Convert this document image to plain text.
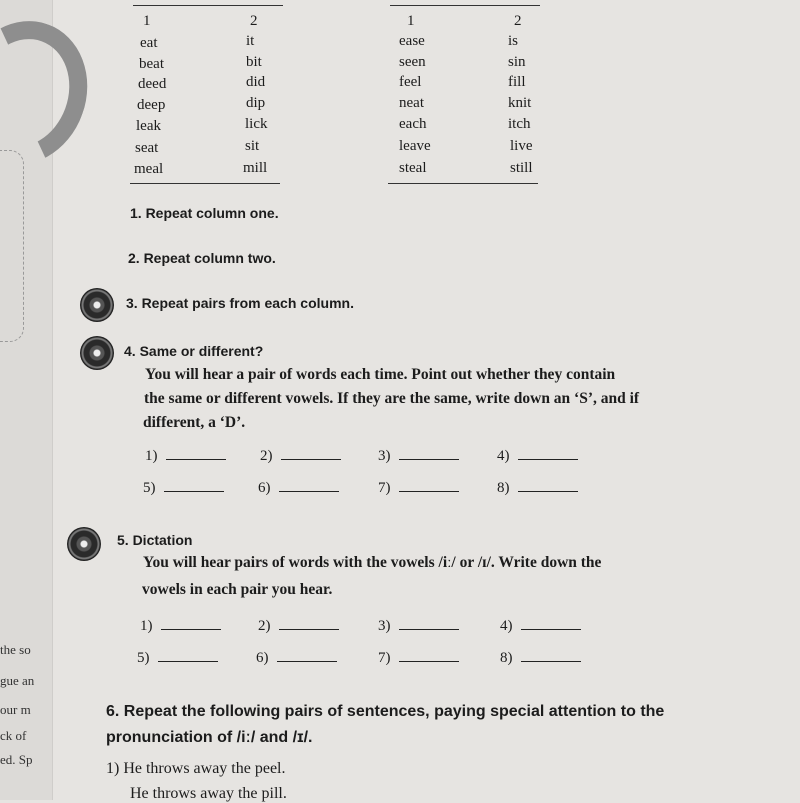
the so
gue an
our m
ck of
ed. Sp
1	2
eat	it
beat	bit
deed	did
deep	dip
leak	lick
seat	sit
meal	mill
1	2
ease	is
seen	sin
feel	fill
neat	knit
each	itch
leave	live
steal	still
1. Repeat column one.
2. Repeat column two.
3. Repeat pairs from each column.
4. Same or different?
You will hear a pair of words each time. Point out whether they contain
the same or different vowels. If they are the same, write down an ‘S’, and if
different, a ‘D’.
1)	2)	3)	4)
5)	6)	7)	8)
5. Dictation
You will hear pairs of words with the vowels /iː/ or /ɪ/. Write down the
vowels in each pair you hear.
1)	2)	3)	4)
5)	6)	7)	8)
6. Repeat the following pairs of sentences, paying special attention to the
pronunciation of /iː/ and /ɪ/.
1) He throws away the peel.
He throws away the pill.
